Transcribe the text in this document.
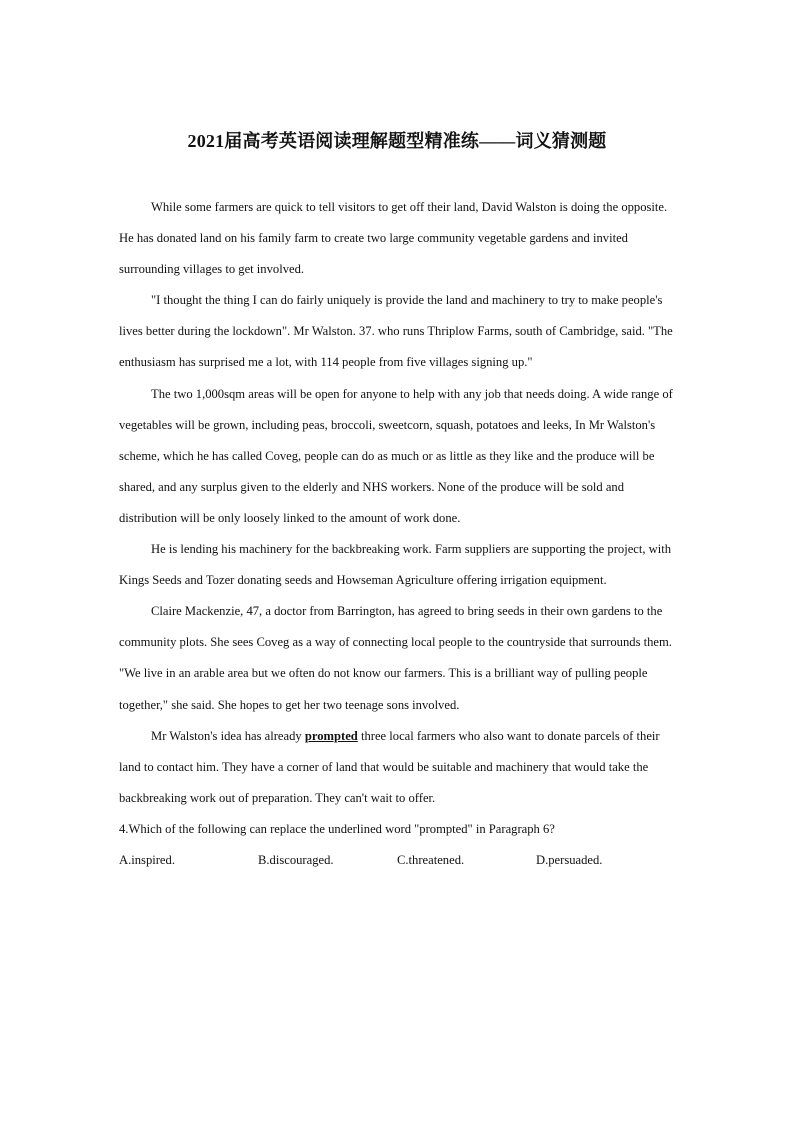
2021届高考英语阅读理解题型精准练——词义猜测题

While some farmers are quick to tell visitors to get off their land, David Walston is doing the opposite. He has donated land on his family farm to create two large community vegetable gardens and invited surrounding villages to get involved.

"I thought the thing I can do fairly uniquely is provide the land and machinery to try to make people's lives better during the lockdown". Mr Walston. 37. who runs Thriplow Farms, south of Cambridge, said. "The enthusiasm has surprised me a lot, with 114 people from five villages signing up."

The two 1,000sqm areas will be open for anyone to help with any job that needs doing. A wide range of vegetables will be grown, including peas, broccoli, sweetcorn, squash, potatoes and leeks, In Mr Walston's scheme, which he has called Coveg, people can do as much or as little as they like and the produce will be shared, and any surplus given to the elderly and NHS workers. None of the produce will be sold and distribution will be only loosely linked to the amount of work done.

He is lending his machinery for the backbreaking work. Farm suppliers are supporting the project, with Kings Seeds and Tozer donating seeds and Howseman Agriculture offering irrigation equipment.

Claire Mackenzie, 47, a doctor from Barrington, has agreed to bring seeds in their own gardens to the community plots. She sees Coveg as a way of connecting local people to the countryside that surrounds them. "We live in an arable area but we often do not know our farmers. This is a brilliant way of pulling people together," she said. She hopes to get her two teenage sons involved.

Mr Walston's idea has already prompted three local farmers who also want to donate parcels of their land to contact him. They have a corner of land that would be suitable and machinery that would take the backbreaking work out of preparation. They can't wait to offer.

4.Which of the following can replace the underlined word "prompted" in Paragraph 6?

A.inspired.	B.discouraged.	C.threatened.	D.persuaded.
